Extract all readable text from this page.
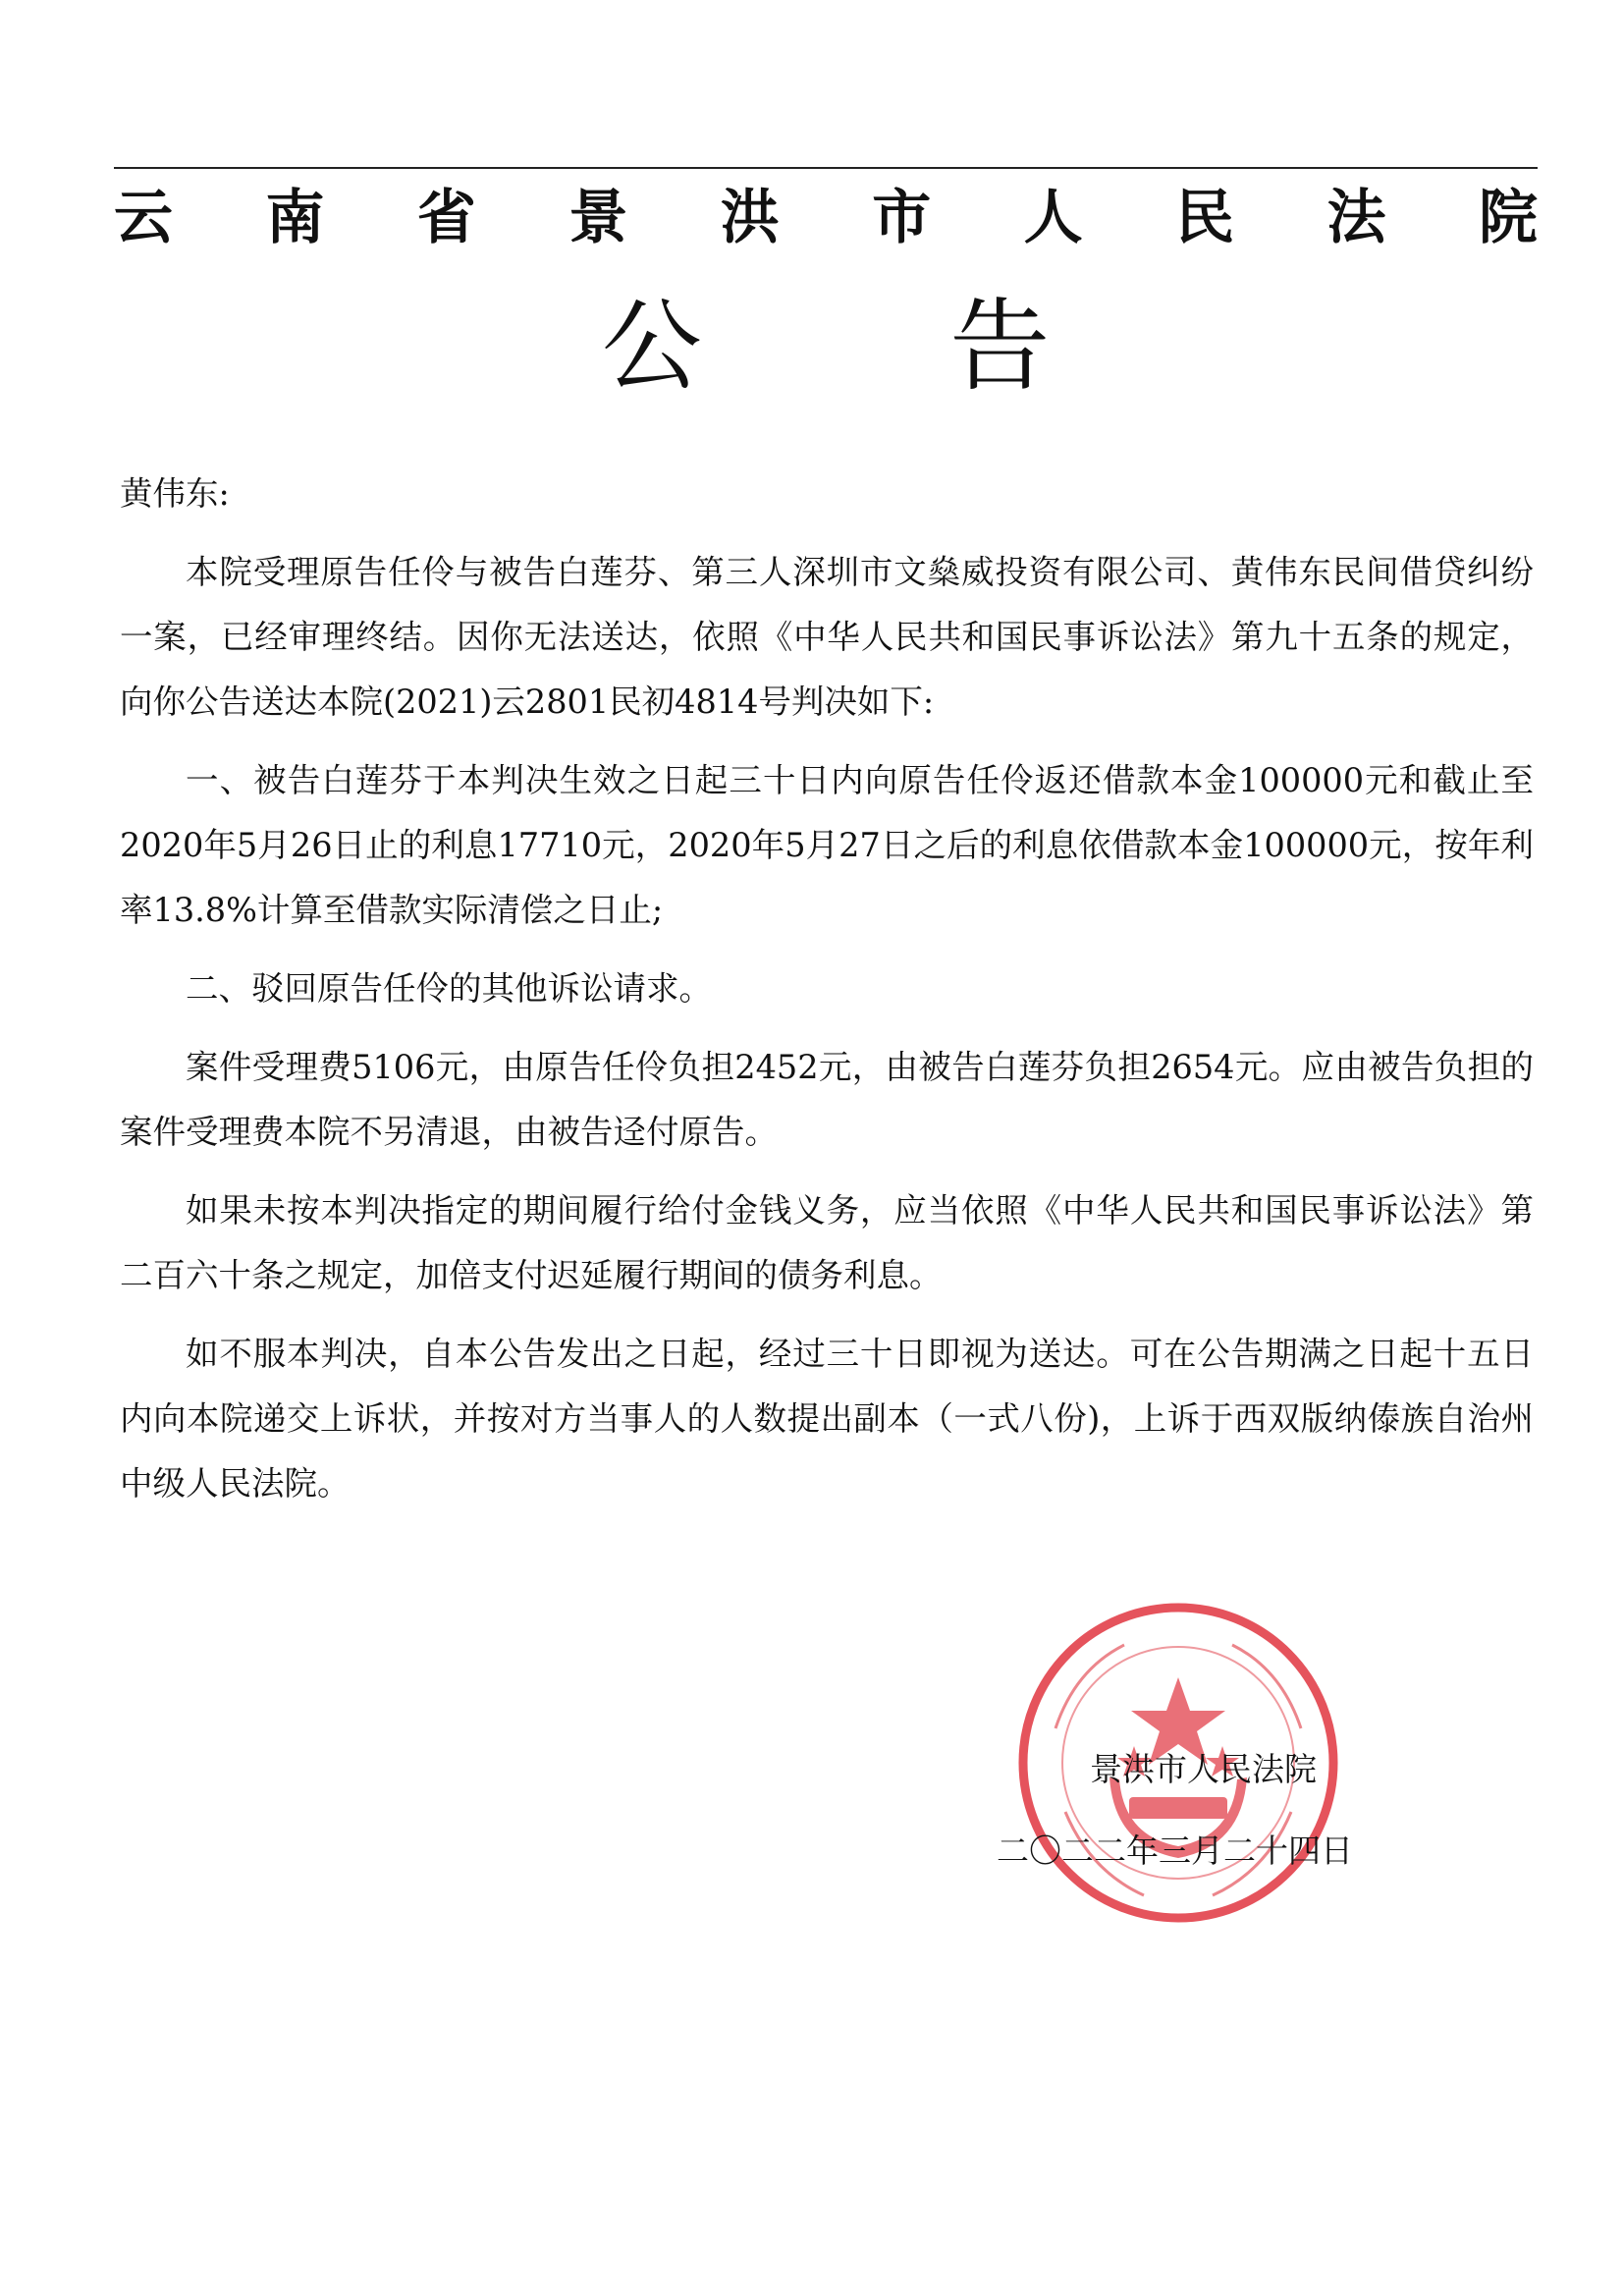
云 南 省 景 洪 市 人 民 法 院
公 告

黄伟东:

本院受理原告任伶与被告白莲芬、第三人深圳市文燊威投资有限公司、黄伟东民间借贷纠纷一案，已经审理终结。因你无法送达，依照《中华人民共和国民事诉讼法》第九十五条的规定，向你公告送达本院(2021)云2801民初4814号判决如下:

一、被告白莲芬于本判决生效之日起三十日内向原告任伶返还借款本金100000元和截止至2020年5月26日止的利息17710元，2020年5月27日之后的利息依借款本金100000元，按年利率13.8%计算至借款实际清偿之日止;

二、驳回原告任伶的其他诉讼请求。

案件受理费5106元，由原告任伶负担2452元，由被告白莲芬负担2654元。应由被告负担的案件受理费本院不另清退，由被告迳付原告。

如果未按本判决指定的期间履行给付金钱义务，应当依照《中华人民共和国民事诉讼法》第二百六十条之规定，加倍支付迟延履行期间的债务利息。

如不服本判决，自本公告发出之日起，经过三十日即视为送达。可在公告期满之日起十五日内向本院递交上诉状，并按对方当事人的人数提出副本（一式八份)，上诉于西双版纳傣族自治州中级人民法院。

景洪市人民法院
二〇二二年三月二十四日
